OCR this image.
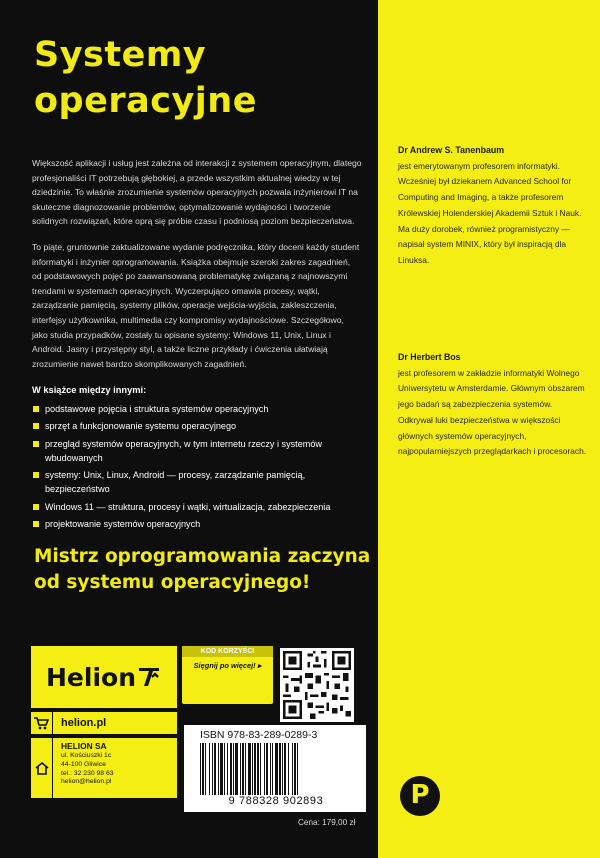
Systemy
operacyjne

Większość aplikacji i usług jest zależna od interakcji z systemem operacyjnym, dlatego profesjonaliści IT potrzebują głębokiej, a przede wszystkim aktualnej wiedzy w tej dziedzinie. To właśnie zrozumienie systemów operacyjnych pozwala inżynierowi IT na skuteczne diagnozowanie problemów, optymalizowanie wydajności i tworzenie solidnych rozwiązań, które oprą się próbie czasu i podniosą poziom bezpieczeństwa.

To piąte, gruntownie zaktualizowane wydanie podręcznika, który doceni każdy student informatyki i inżynier oprogramowania. Książka obejmuje szeroki zakres zagadnień, od podstawowych pojęć po zaawansowaną problematykę związaną z najnowszymi trendami w systemach operacyjnych. Wyczerpująco omawia procesy, wątki, zarządzanie pamięcią, systemy plików, operacje wejścia-wyjścia, zakleszczenia, interfejsy użytkownika, multimedia czy kompromisy wydajnościowe. Szczegółowo, jako studia przypadków, zostały tu opisane systemy: Windows 11, Unix, Linux i Android. Jasny i przystępny styl, a także liczne przykłady i ćwiczenia ułatwiają zrozumienie nawet bardzo skomplikowanych zagadnień.

W książce między innymi:
podstawowe pojęcia i struktura systemów operacyjnych
sprzęt a funkcjonowanie systemu operacyjnego
przegląd systemów operacyjnych, w tym internetu rzeczy i systemów wbudowanych
systemy: Unix, Linux, Android — procesy, zarządzanie pamięcią, bezpieczeństwo
Windows 11 — struktura, procesy i wątki, wirtualizacja, zabezpieczenia
projektowanie systemów operacyjnych
Mistrz oprogramowania zaczyna
od systemu operacyjnego!
Dr Andrew S. Tanenbaum
jest emerytowanym profesorem informatyki. Wcześniej był dziekanem Advanced School for Computing and Imaging, a także profesorem Królewskiej Holenderskiej Akademii Sztuk i Nauk. Ma duży dorobek, również programistyczny — napisał system MINIX, który był inspiracją dla Linuksa.
Dr Herbert Bos
jest profesorem w zakładzie informatyki Wolnego Uniwersytetu w Amsterdamie. Głównym obszarem jego badań są zabezpieczenia systemów. Odkrywał luki bezpieczeństwa w większości głównych systemów operacyjnych, najpopularniejszych przeglądarkach i procesorach.
Helion
KOD KORZYŚCI
Sięgnij po więcej! ▸
helion.pl
HELION SA
ul. Kościuszki 1c
44-100 Gliwice
tel.: 32 230 98 63
helion@helion.pl
ISBN 978-83-289-0289-3
9 788328 902893
Cena: 179,00 zł
P
